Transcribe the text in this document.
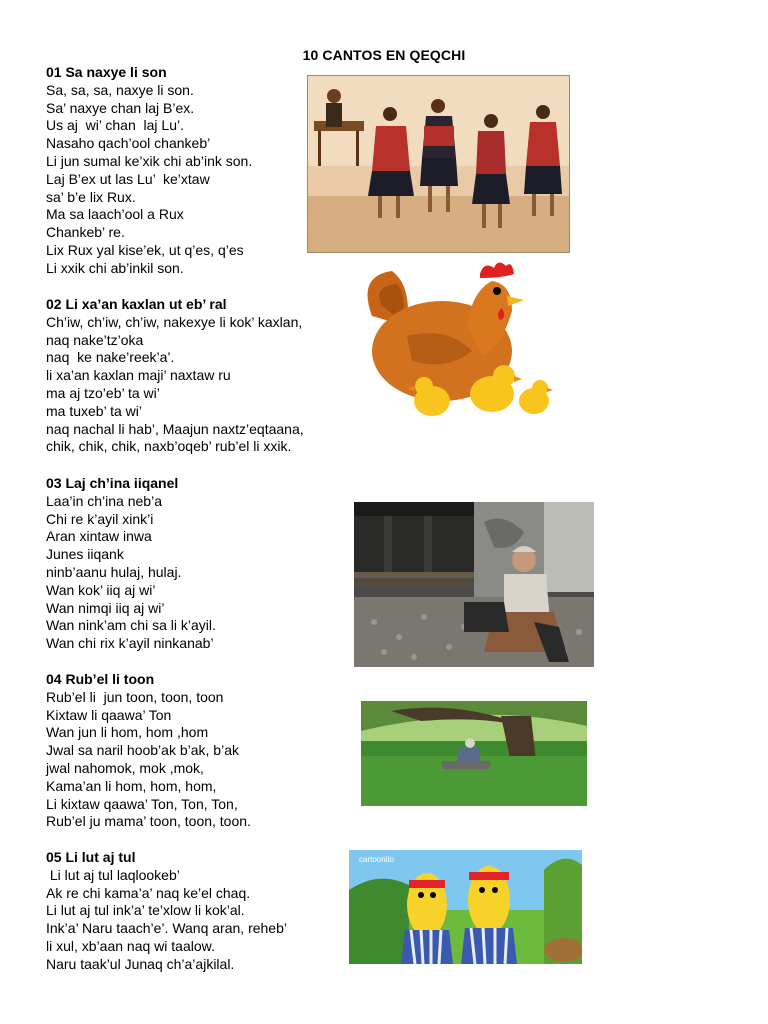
10 CANTOS EN QEQCHI
01 Sa naxye li son
Sa, sa, sa, naxye li son.
Sa’ naxye chan laj B’ex.
Us aj  wi’ chan  laj Lu’.
Nasaho qach’ool chankeb’
Li jun sumal ke’xik chi ab’ink son.
Laj B’ex ut las Lu’  ke’xtaw
sa’ b’e lix Rux.
Ma sa laach’ool a Rux
Chankeb’ re.
Lix Rux yal kise’ek, ut q’es, q’es
Li xxik chi ab’inkil son.
02 Li xa’an kaxlan ut eb’ ral
Ch’iw, ch’iw, ch’iw, nakexye li kok’ kaxlan,
naq nake’tz’oka
naq  ke nake’reek’a’.
li xa’an kaxlan maji’ naxtaw ru
ma aj tzo’eb’ ta wi’
ma tuxeb’ ta wi’
naq nachal li hab’, Maajun naxtz’eqtaana,
chik, chik, chik, naxb’oqeb’ rub’el li xxik.
03 Laj ch’ina iiqanel
Laa’in ch’ina neb’a
Chi re k’ayil xink’i
Aran xintaw inwa
Junes iiqank
ninb’aanu hulaj, hulaj.
Wan kok’ iiq aj wi’
Wan nimqi iiq aj wi’
Wan nink’am chi sa li k’ayil.
Wan chi rix k’ayil ninkanab’
04 Rub’el li toon
Rub’el li  jun toon, toon, toon
Kixtaw li qaawa’ Ton
Wan jun li hom, hom ,hom
Jwal sa naril hoob’ak b’ak, b’ak
jwal nahomok, mok ,mok,
Kama’an li hom, hom, hom,
Li kixtaw qaawa’ Ton, Ton, Ton,
Rub’el ju mama’ toon, toon, toon.
05 Li lut aj tul
Li lut aj tul laqlookeb’
Ak re chi kama’a’ naq ke’el chaq.
Li lut aj tul ink’a’ te’xlow li kok’al.
Ink’a’ Naru taach’e’. Wanq aran, reheb’
li xul, xb’aan naq wi taalow.
Naru taak’ul Junaq ch’a’ajkilal.
cartoonito
